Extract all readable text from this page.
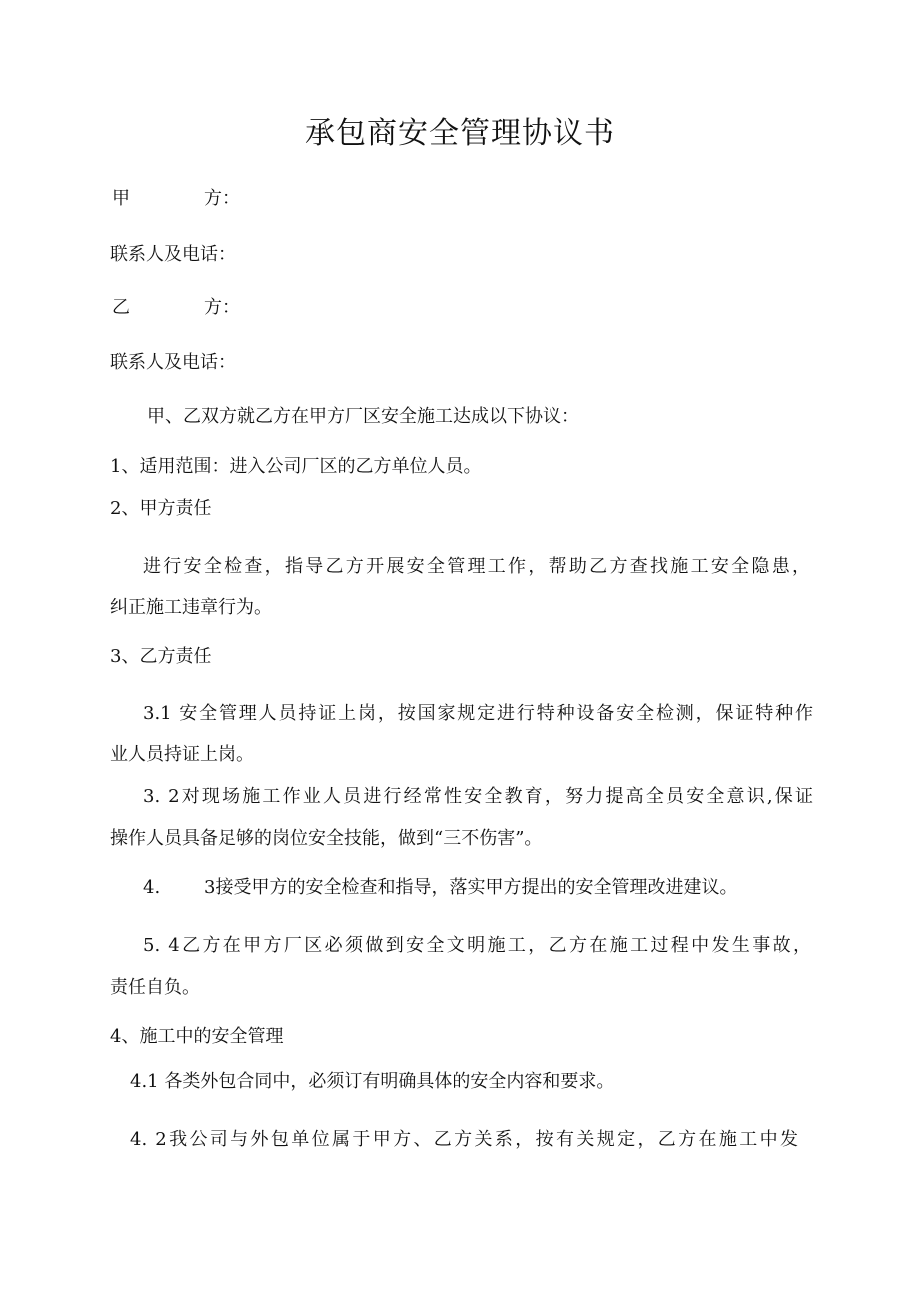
承包商安全管理协议书
甲	方：
联系人及电话：
乙	方：
联系人及电话：
甲、乙双方就乙方在甲方厂区安全施工达成以下协议：
1、适用范围：进入公司厂区的乙方单位人员。
2、甲方责任
进行安全检查，指导乙方开展安全管理工作，帮助乙方查找施工安全隐患，
纠正施工违章行为。
3、乙方责任
3.1 安全管理人员持证上岗，按国家规定进行特种设备安全检测，保证特种作
业人员持证上岗。
3. 2对现场施工作业人员进行经常性安全教育，努力提高全员安全意识,保证
操作人员具备足够的岗位安全技能，做到“三不伤害”。
4. 3接受甲方的安全检查和指导，落实甲方提出的安全管理改进建议。
5. 4乙方在甲方厂区必须做到安全文明施工，乙方在施工过程中发生事故，
责任自负。
4、施工中的安全管理
4.1 各类外包合同中，必须订有明确具体的安全内容和要求。
4. 2我公司与外包单位属于甲方、乙方关系，按有关规定，乙方在施工中发
